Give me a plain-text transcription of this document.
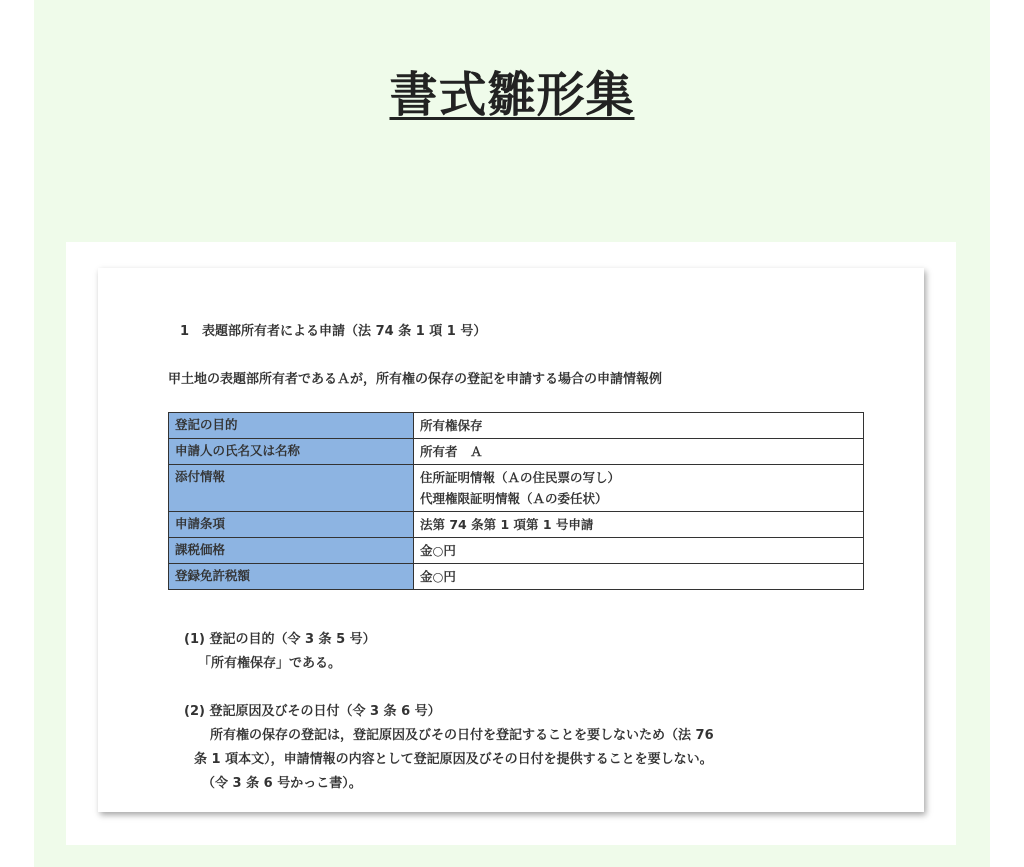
書式雛形集
1　表題部所有者による申請（法 74 条 1 項 1 号）
甲土地の表題部所有者であるＡが，所有権の保存の登記を申請する場合の申請情報例
登記の目的	所有権保存

申請人の氏名又は名称	所有者　Ａ

添付情報	住所証明情報（Ａの住民票の写し）
代理権限証明情報（Ａの委任状）

申請条項	法第 74 条第 1 項第 1 号申請

課税価格	金○円

登録免許税額	金○円
(1) 登記の目的（令 3 条 5 号）
「所有権保存」である。
(2) 登記原因及びその日付（令 3 条 6 号）
所有権の保存の登記は，登記原因及びその日付を登記することを要しないため（法 76
条 1 項本文），申請情報の内容として登記原因及びその日付を提供することを要しない。
（令 3 条 6 号かっこ書）。
